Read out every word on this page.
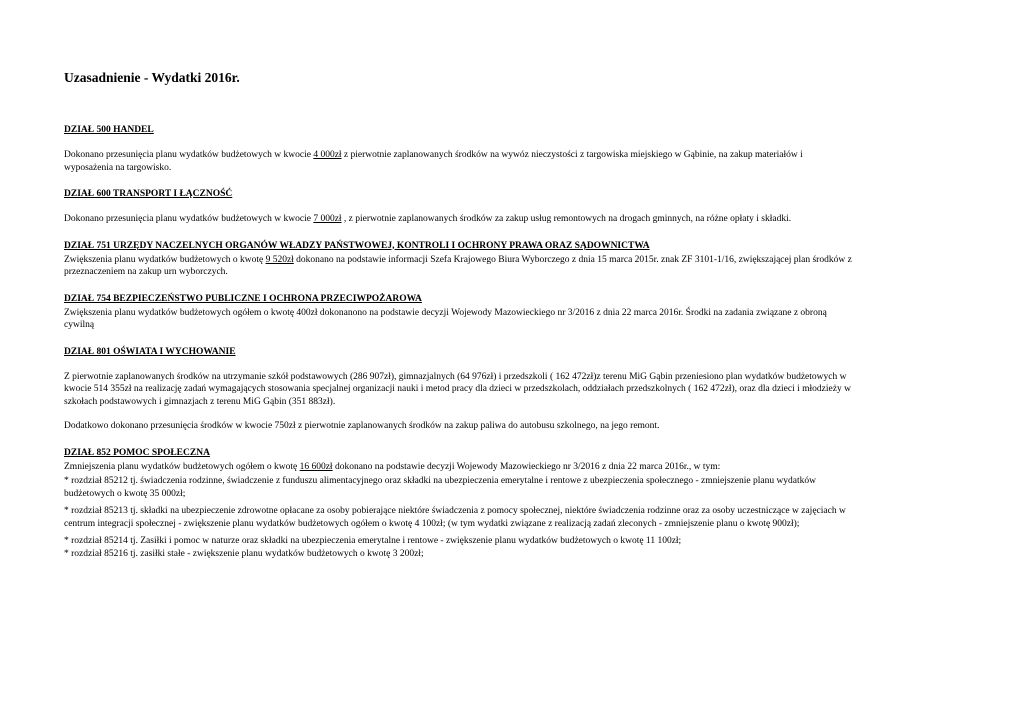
Uzasadnienie - Wydatki 2016r.
DZIAŁ 500 HANDEL

Dokonano przesunięcia planu wydatków budżetowych w kwocie 4 000zł z pierwotnie zaplanowanych środków na wywóz nieczystości z targowiska miejskiego w Gąbinie, na zakup materiałów i wyposażenia na targowisko.

DZIAŁ 600 TRANSPORT I ŁĄCZNOŚĆ

Dokonano przesunięcia planu wydatków budżetowych w kwocie 7 000zł , z pierwotnie zaplanowanych środków za zakup usług remontowych na drogach gminnych, na różne opłaty i składki.

DZIAŁ 751 URZĘDY NACZELNYCH ORGANÓW WŁADZY PAŃSTWOWEJ, KONTROLI I OCHRONY PRAWA ORAZ SĄDOWNICTWA

Zwiększenia planu wydatków budżetowych o kwotę 9 520zł dokonano na podstawie informacji Szefa Krajowego Biura Wyborczego z dnia 15 marca 2015r. znak ZF 3101-1/16, zwiększającej plan środków z przeznaczeniem na zakup urn wyborczych.

DZIAŁ 754 BEZPIECZEŃSTWO PUBLICZNE I OCHRONA PRZECIWPOŻAROWA

Zwiększenia planu wydatków budżetowych ogółem o kwotę 400zł dokonanono na podstawie decyzji Wojewody Mazowieckiego nr 3/2016 z dnia 22 marca 2016r. Środki na zadania związane z obroną cywilną

DZIAŁ 801 OŚWIATA I WYCHOWANIE

Z pierwotnie zaplanowanych środków na utrzymanie szkół podstawowych (286 907zł), gimnazjalnych (64 976zł) i przedszkoli ( 162 472zł)z terenu MiG Gąbin przeniesiono plan wydatków budżetowych w kwocie 514 355zł na realizację zadań wymagających stosowania specjalnej organizacji nauki i metod pracy dla dzieci w przedszkolach, oddziałach przedszkolnych ( 162 472zł), oraz dla dzieci i młodzieży w szkołach podstawowych i gimnazjach z terenu MiG Gąbin (351 883zł).

Dodatkowo dokonano przesunięcia środków w kwocie 750zł z pierwotnie zaplanowanych środków na zakup paliwa do autobusu szkolnego, na jego remont.

DZIAŁ 852 POMOC SPOŁECZNA

Zmniejszenia planu wydatków budżetowych ogółem o kwotę 16 600zł dokonano na podstawie decyzji Wojewody Mazowieckiego nr 3/2016 z dnia 22 marca 2016r., w tym:

* rozdział 85212 tj. świadczenia rodzinne, świadczenie z funduszu alimentacyjnego oraz składki na ubezpieczenia emerytalne i rentowe z ubezpieczenia społecznego - zmniejszenie planu wydatków budżetowych o kwotę 35 000zł;

* rozdział 85213 tj. składki na ubezpieczenie zdrowotne opłacane za osoby pobierające niektóre świadczenia z pomocy społecznej, niektóre świadczenia rodzinne oraz za osoby uczestniczące w zajęciach w centrum integracji społecznej - zwiększenie planu wydatków budżetowych ogółem o kwotę 4 100zł; (w tym wydatki związane z realizacją zadań zleconych - zmniejszenie planu o kwotę 900zł);

* rozdział 85214 tj. Zasiłki i pomoc w naturze oraz składki na ubezpieczenia emerytalne i rentowe - zwiększenie planu wydatków budżetowych o kwotę 11 100zł;

* rozdział 85216 tj. zasiłki stałe - zwiększenie planu wydatków budżetowych o kwotę 3 200zł;
